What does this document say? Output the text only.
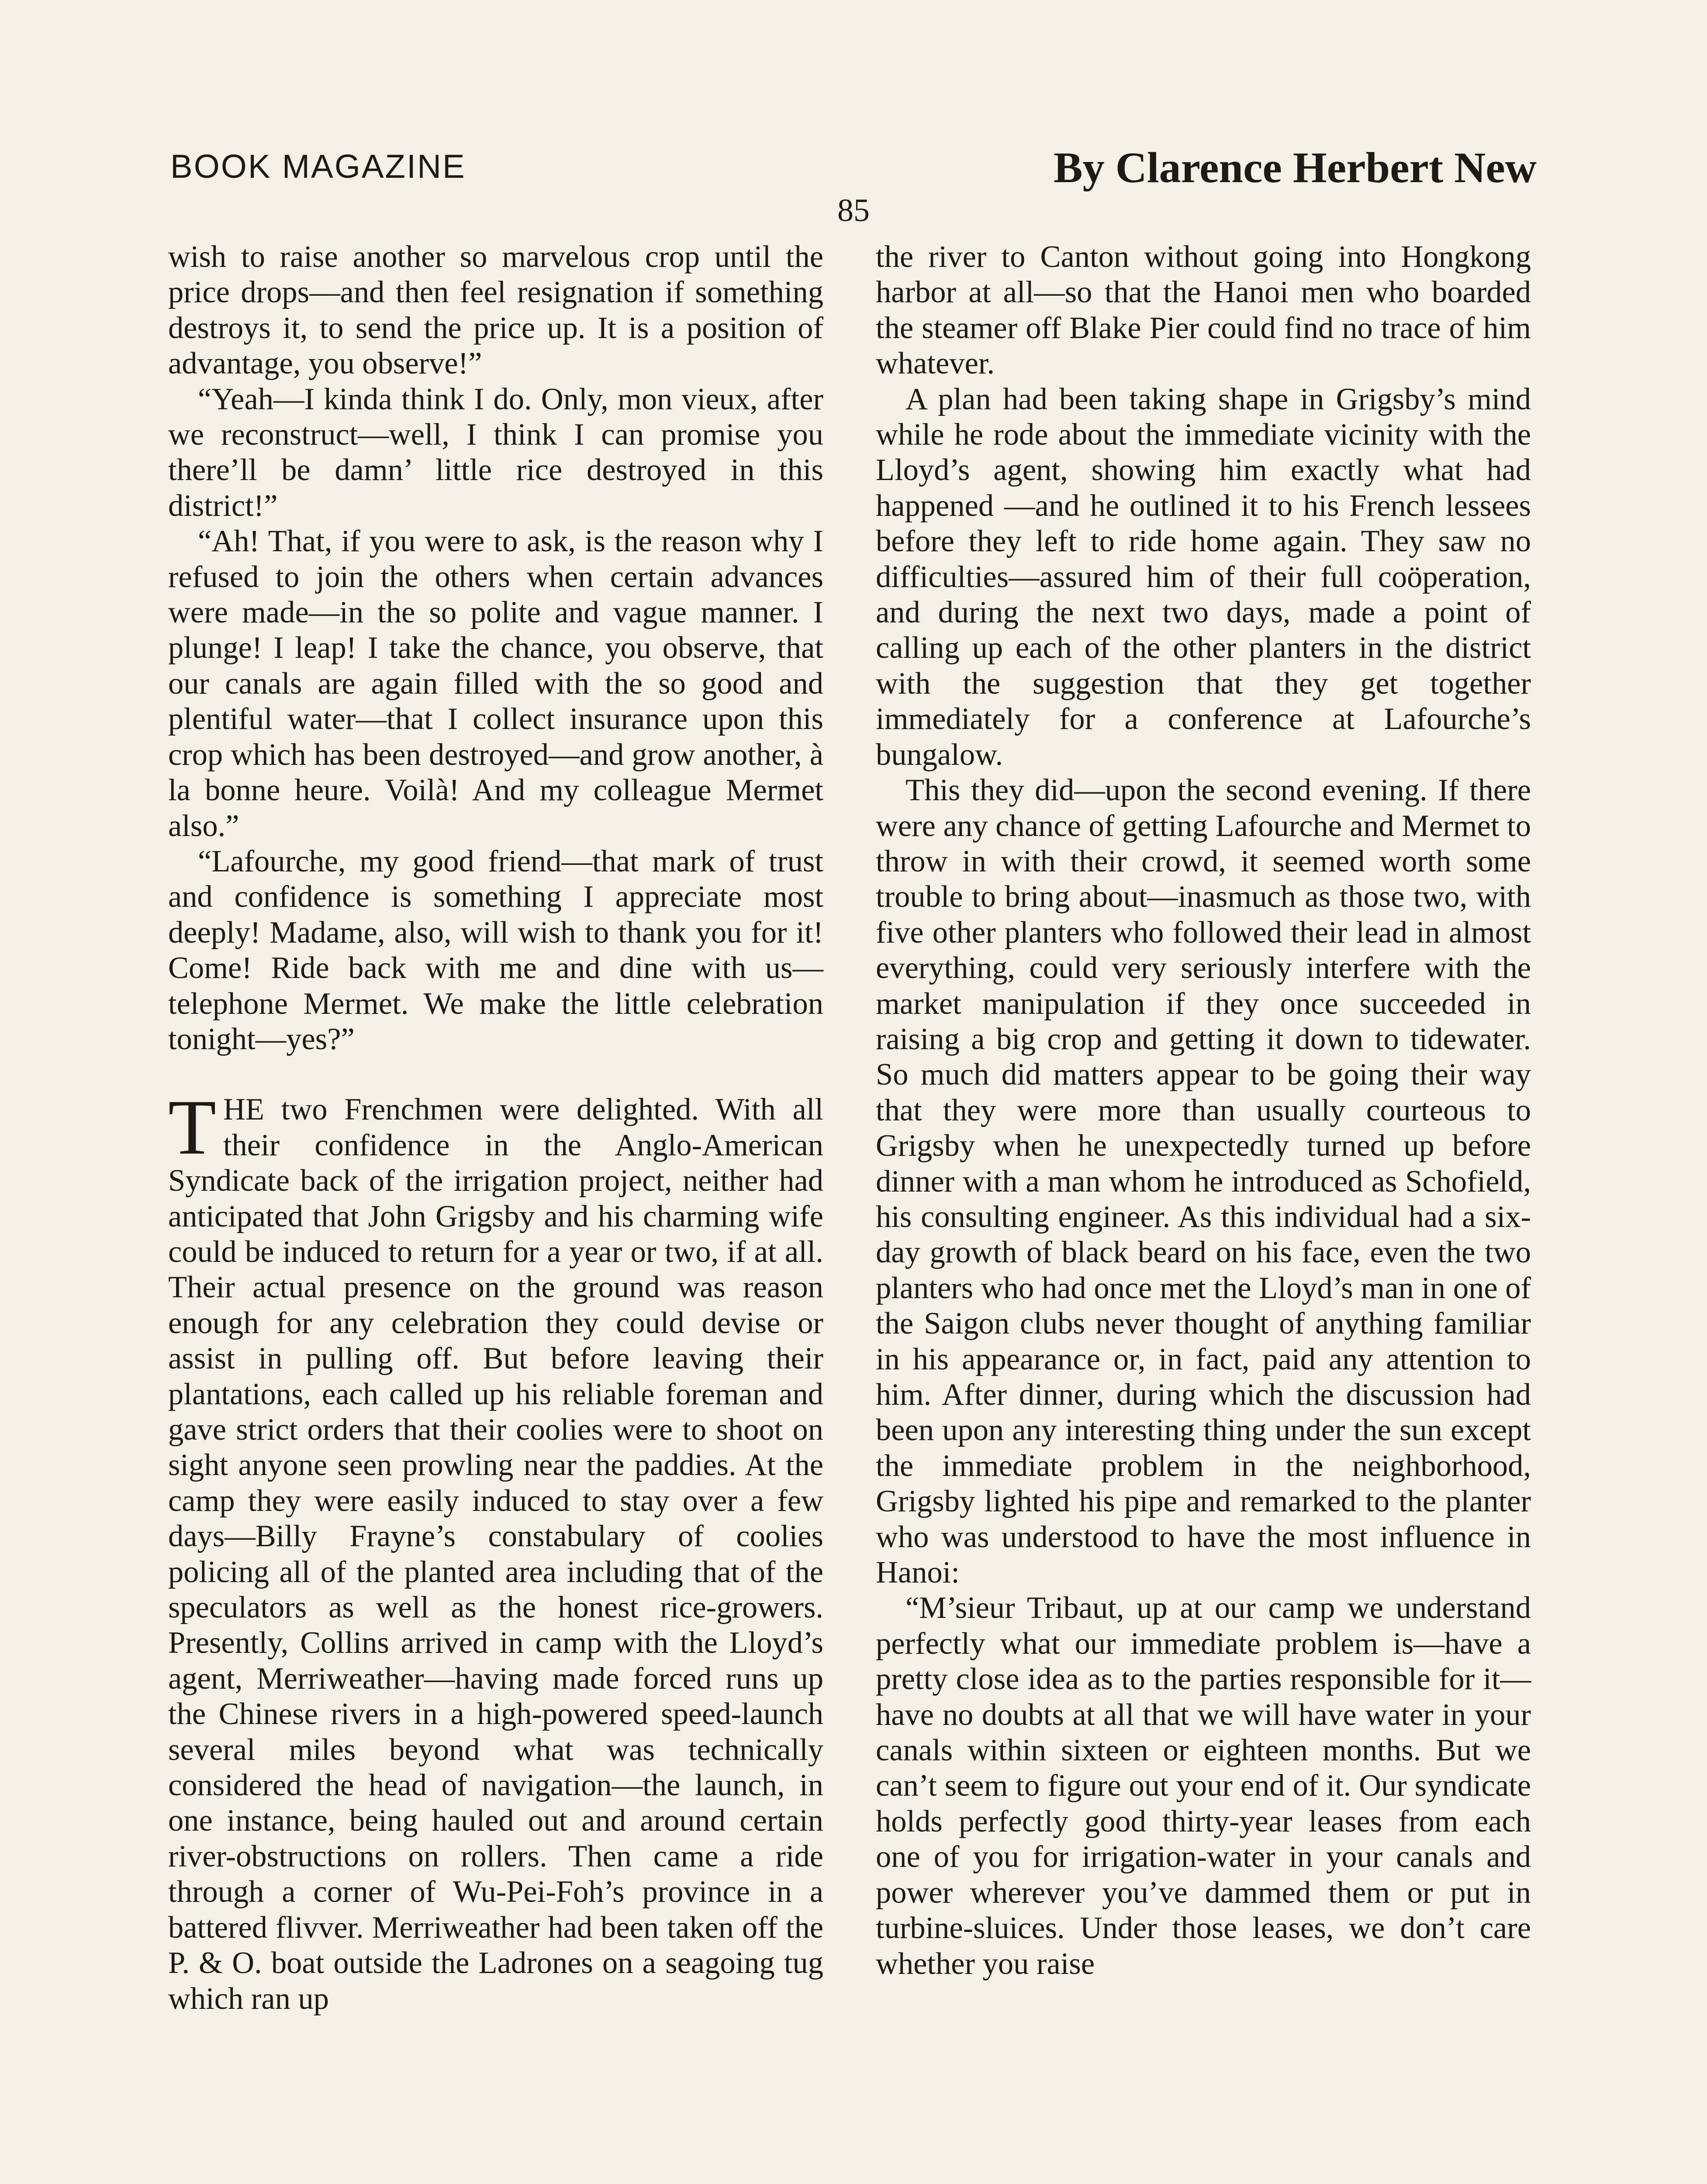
BOOK MAGAZINE	By Clarence Herbert New
85

wish to raise another so marvelous crop until the price drops—and then feel resignation if something destroys it, to send the price up. It is a position of advantage, you observe!”

“Yeah—I kinda think I do. Only, mon vieux, after we reconstruct—well, I think I can promise you there’ll be damn’ little rice destroyed in this district!”

“Ah! That, if you were to ask, is the reason why I refused to join the others when certain advances were made—in the so polite and vague manner. I plunge! I leap! I take the chance, you observe, that our canals are again filled with the so good and plentiful water—that I collect insurance upon this crop which has been destroyed—and grow another, à la bonne heure. Voilà! And my colleague Mermet also.”

“Lafourche, my good friend—that mark of trust and confidence is something I appreciate most deeply! Madame, also, will wish to thank you for it! Come! Ride back with me and dine with us—telephone Mermet. We make the little celebration tonight—yes?”

THE two Frenchmen were delighted. With all their confidence in the Anglo-American Syndicate back of the irrigation project, neither had anticipated that John Grigsby and his charming wife could be induced to return for a year or two, if at all. Their actual presence on the ground was reason enough for any celebration they could devise or assist in pulling off. But before leaving their plantations, each called up his reliable foreman and gave strict orders that their coolies were to shoot on sight anyone seen prowling near the paddies. At the camp they were easily induced to stay over a few days—Billy Frayne’s constabulary of coolies policing all of the planted area including that of the speculators as well as the honest rice-growers. Presently, Collins arrived in camp with the Lloyd’s agent, Merriweather—having made forced runs up the Chinese rivers in a high-powered speed-launch several miles beyond what was technically considered the head of navigation—the launch, in one instance, being hauled out and around certain river-obstructions on rollers. Then came a ride through a corner of Wu-Pei-Foh’s province in a battered flivver. Merriweather had been taken off the P. & O. boat outside the Ladrones on a seagoing tug which ran up

the river to Canton without going into Hongkong harbor at all—so that the Hanoi men who boarded the steamer off Blake Pier could find no trace of him whatever.

A plan had been taking shape in Grigsby’s mind while he rode about the immediate vicinity with the Lloyd’s agent, showing him exactly what had happened —and he outlined it to his French lessees before they left to ride home again. They saw no difficulties—assured him of their full coöperation, and during the next two days, made a point of calling up each of the other planters in the district with the suggestion that they get together immediately for a conference at Lafourche’s bungalow.

This they did—upon the second evening. If there were any chance of getting Lafourche and Mermet to throw in with their crowd, it seemed worth some trouble to bring about—inasmuch as those two, with five other planters who followed their lead in almost everything, could very seriously interfere with the market manipulation if they once succeeded in raising a big crop and getting it down to tidewater. So much did matters appear to be going their way that they were more than usually courteous to Grigsby when he unexpectedly turned up before dinner with a man whom he introduced as Schofield, his consulting engineer. As this individual had a six-day growth of black beard on his face, even the two planters who had once met the Lloyd’s man in one of the Saigon clubs never thought of anything familiar in his appearance or, in fact, paid any attention to him. After dinner, during which the discussion had been upon any interesting thing under the sun except the immediate problem in the neighborhood, Grigsby lighted his pipe and remarked to the planter who was understood to have the most influence in Hanoi:

“M’sieur Tribaut, up at our camp we understand perfectly what our immediate problem is—have a pretty close idea as to the parties responsible for it—have no doubts at all that we will have water in your canals within sixteen or eighteen months. But we can’t seem to figure out your end of it. Our syndicate holds perfectly good thirty-year leases from each one of you for irrigation-water in your canals and power wherever you’ve dammed them or put in turbine-sluices. Under those leases, we don’t care whether you raise
